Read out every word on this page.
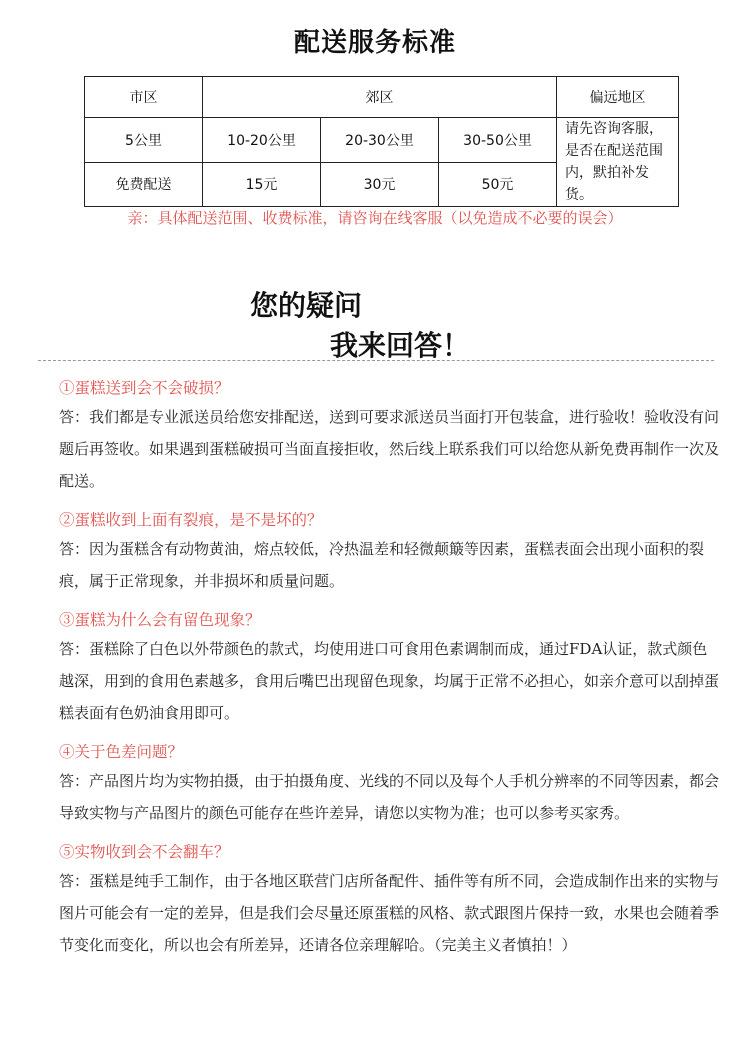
配送服务标准
市区	郊区			偏远地区
5公里	10-20公里	20-30公里	30-50公里	请先咨询客服，是否在配送范围内，默拍补发货。
免费配送	15元	30元	50元	
亲：具体配送范围、收费标准，请咨询在线客服（以免造成不必要的误会）
您的疑问
我来回答！
①蛋糕送到会不会破损？
答：我们都是专业派送员给您安排配送，送到可要求派送员当面打开包装盒，进行验收！验收没有问题后再签收。如果遇到蛋糕破损可当面直接拒收，然后线上联系我们可以给您从新免费再制作一次及配送。
②蛋糕收到上面有裂痕，是不是坏的？
答：因为蛋糕含有动物黄油，熔点较低，冷热温差和轻微颠簸等因素，蛋糕表面会出现小面积的裂痕，属于正常现象，并非损坏和质量问题。
③蛋糕为什么会有留色现象？
答：蛋糕除了白色以外带颜色的款式，均使用进口可食用色素调制而成，通过FDA认证，款式颜色越深，用到的食用色素越多，食用后嘴巴出现留色现象，均属于正常不必担心，如亲介意可以刮掉蛋糕表面有色奶油食用即可。
④关于色差问题？
答：产品图片均为实物拍摄，由于拍摄角度、光线的不同以及每个人手机分辨率的不同等因素，都会导致实物与产品图片的颜色可能存在些许差异，请您以实物为准；也可以参考买家秀。
⑤实物收到会不会翻车？
答：蛋糕是纯手工制作，由于各地区联营门店所备配件、插件等有所不同，会造成制作出来的实物与图片可能会有一定的差异，但是我们会尽量还原蛋糕的风格、款式跟图片保持一致，水果也会随着季节变化而变化，所以也会有所差异，还请各位亲理解哈。（完美主义者慎拍！）
